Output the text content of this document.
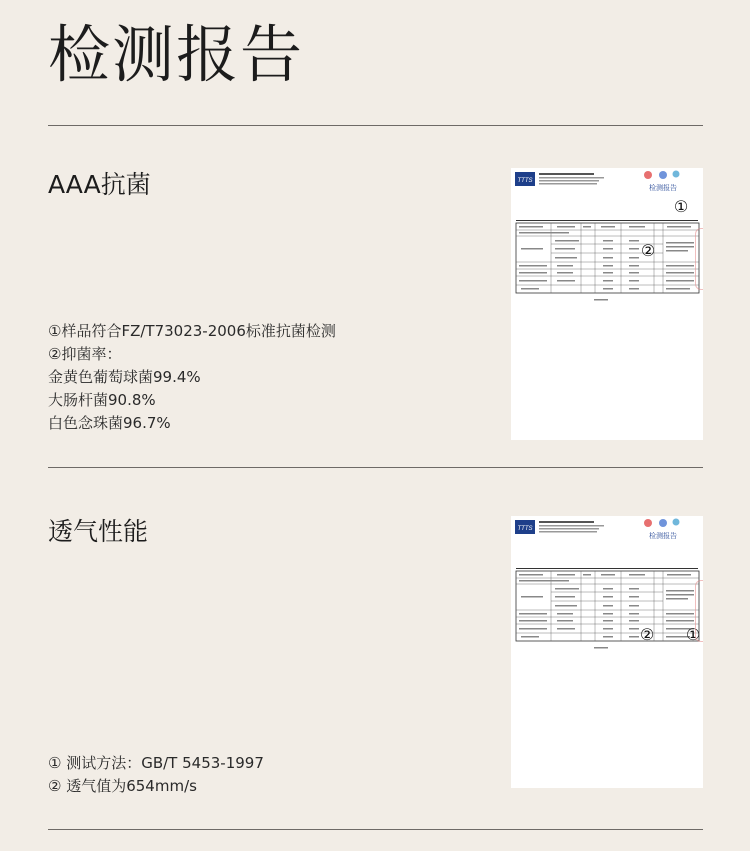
检测报告
AAA抗菌	TTTS
检测报告
①
②
①样品符合FZ/T73023-2006标准抗菌检测
②抑菌率：
金黄色葡萄球菌99.4%
大肠杆菌90.8%
白色念珠菌96.7%
透气性能	TTTS
检测报告
①
②
① 测试方法：GB/T 5453-1997
② 透气值为654mm/s
